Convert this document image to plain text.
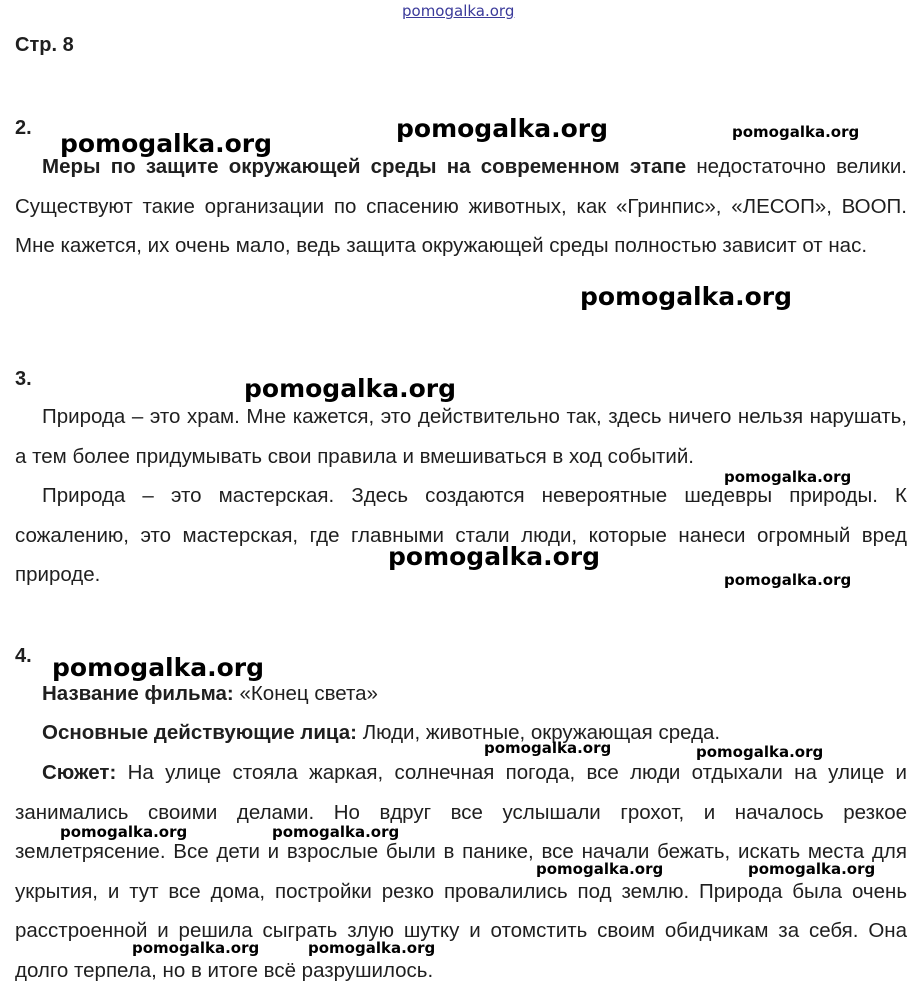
pomogalka.org
Стр. 8
2.

Меры по защите окружающей среды на современном этапе недостаточно велики. Существуют такие организации по спасению животных, как «Гринпис», «ЛЕСОП», ВООП. Мне кажется, их очень мало, ведь защита окружающей среды полностью зависит от нас.

3.

Природа – это храм. Мне кажется, это действительно так, здесь ничего нельзя нарушать, а тем более придумывать свои правила и вмешиваться в ход событий.

Природа – это мастерская. Здесь создаются невероятные шедевры природы. К сожалению, это мастерская, где главными стали люди, которые нанеси огромный вред природе.

4.
Название фильма: «Конец света»
Основные действующие лица: Люди, животные, окружающая среда.

Сюжет: На улице стояла жаркая, солнечная погода, все люди отдыхали на улице и занимались своими делами. Но вдруг все услышали грохот, и началось резкое землетрясение. Все дети и взрослые были в панике, все начали бежать, искать места для укрытия, и тут все дома, постройки резко провалились под землю. Природа была очень расстроенной и решила сыграть злую шутку и отомстить своим обидчикам за себя. Она долго терпела, но в итоге всё разрушилось.

pomogalka.org
pomogalka.org	pomogalka.org
pomogalka.org
pomogalka.org
pomogalka.org
pomogalka.org
pomogalka.org
pomogalka.org
pomogalka.org	pomogalka.org
pomogalka.org	pomogalka.org
pomogalka.org	pomogalka.org
pomogalka.org	pomogalka.org
